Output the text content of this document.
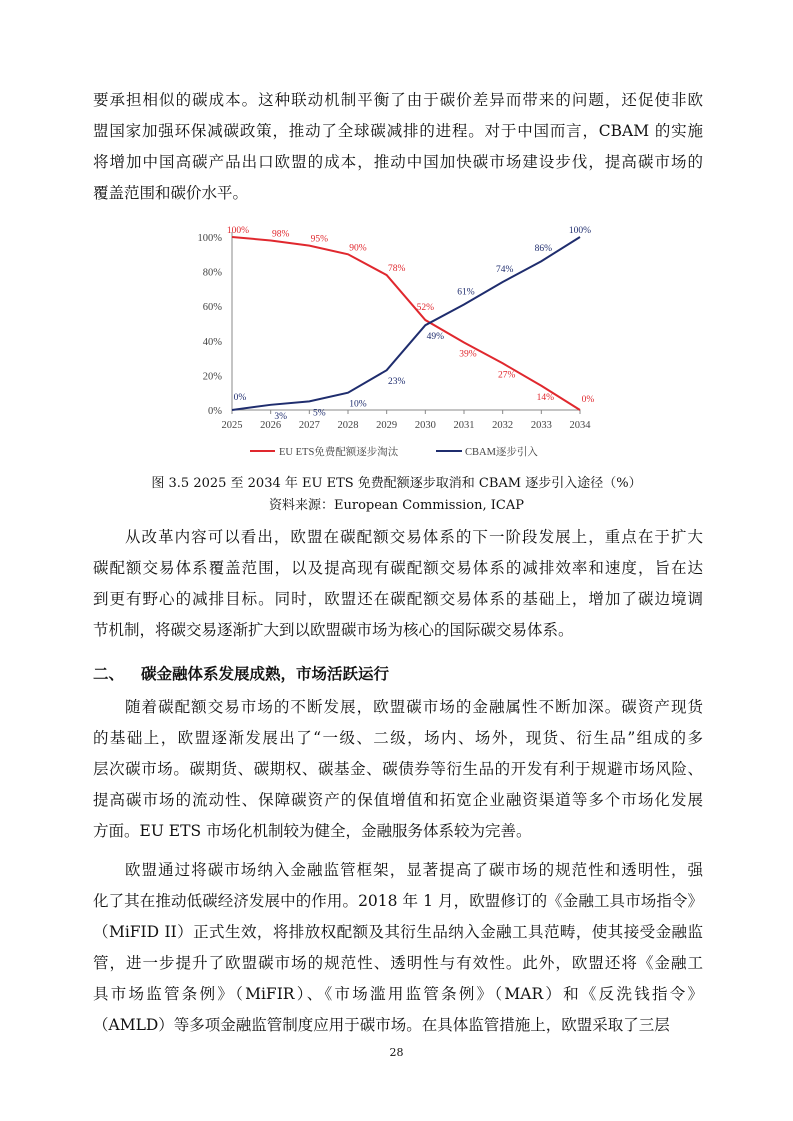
要承担相似的碳成本。这种联动机制平衡了由于碳价差异而带来的问题，还促使非欧
盟国家加强环保减碳政策，推动了全球碳减排的进程。对于中国而言，CBAM 的实施
将增加中国高碳产品出口欧盟的成本，推动中国加快碳市场建设步伐，提高碳市场的
覆盖范围和碳价水平。
0%
20%
40%
60%
80%
100%
2025 2026 2027 2028 2029 2030 2031 2032 2033 2034
100% 98%
95%
90%
78%
52%
39%
27%
14%	0%
0%
3%	5%
10%
23%
49%
61%
74%
86%
100%
EU ETS免费配额逐步淘汰	CBAM逐步引入
图 3.5 2025 至 2034 年 EU ETS 免费配额逐步取消和 CBAM 逐步引入途径（%）
资料来源：European Commission, ICAP
从改革内容可以看出，欧盟在碳配额交易体系的下一阶段发展上，重点在于扩大
碳配额交易体系覆盖范围，以及提高现有碳配额交易体系的减排效率和速度，旨在达
到更有野心的减排目标。同时，欧盟还在碳配额交易体系的基础上，增加了碳边境调
节机制，将碳交易逐渐扩大到以欧盟碳市场为核心的国际碳交易体系。
二、 碳金融体系发展成熟，市场活跃运行
随着碳配额交易市场的不断发展，欧盟碳市场的金融属性不断加深。碳资产现货
的基础上，欧盟逐渐发展出了“一级、二级，场内、场外，现货、衍生品”组成的多
层次碳市场。碳期货、碳期权、碳基金、碳债券等衍生品的开发有利于规避市场风险、
提高碳市场的流动性、保障碳资产的保值增值和拓宽企业融资渠道等多个市场化发展
方面。EU ETS 市场化机制较为健全，金融服务体系较为完善。
欧盟通过将碳市场纳入金融监管框架，显著提高了碳市场的规范性和透明性，强
化了其在推动低碳经济发展中的作用。2018 年 1 月，欧盟修订的《金融工具市场指令》
（MiFID II）正式生效，将排放权配额及其衍生品纳入金融工具范畴，使其接受金融监
管，进一步提升了欧盟碳市场的规范性、透明性与有效性。此外，欧盟还将《金融工
具市场监管条例》（MiFIR）、《市场滥用监管条例》（MAR）和《反洗钱指令》
（AMLD）等多项金融监管制度应用于碳市场。在具体监管措施上，欧盟采取了三层
28
